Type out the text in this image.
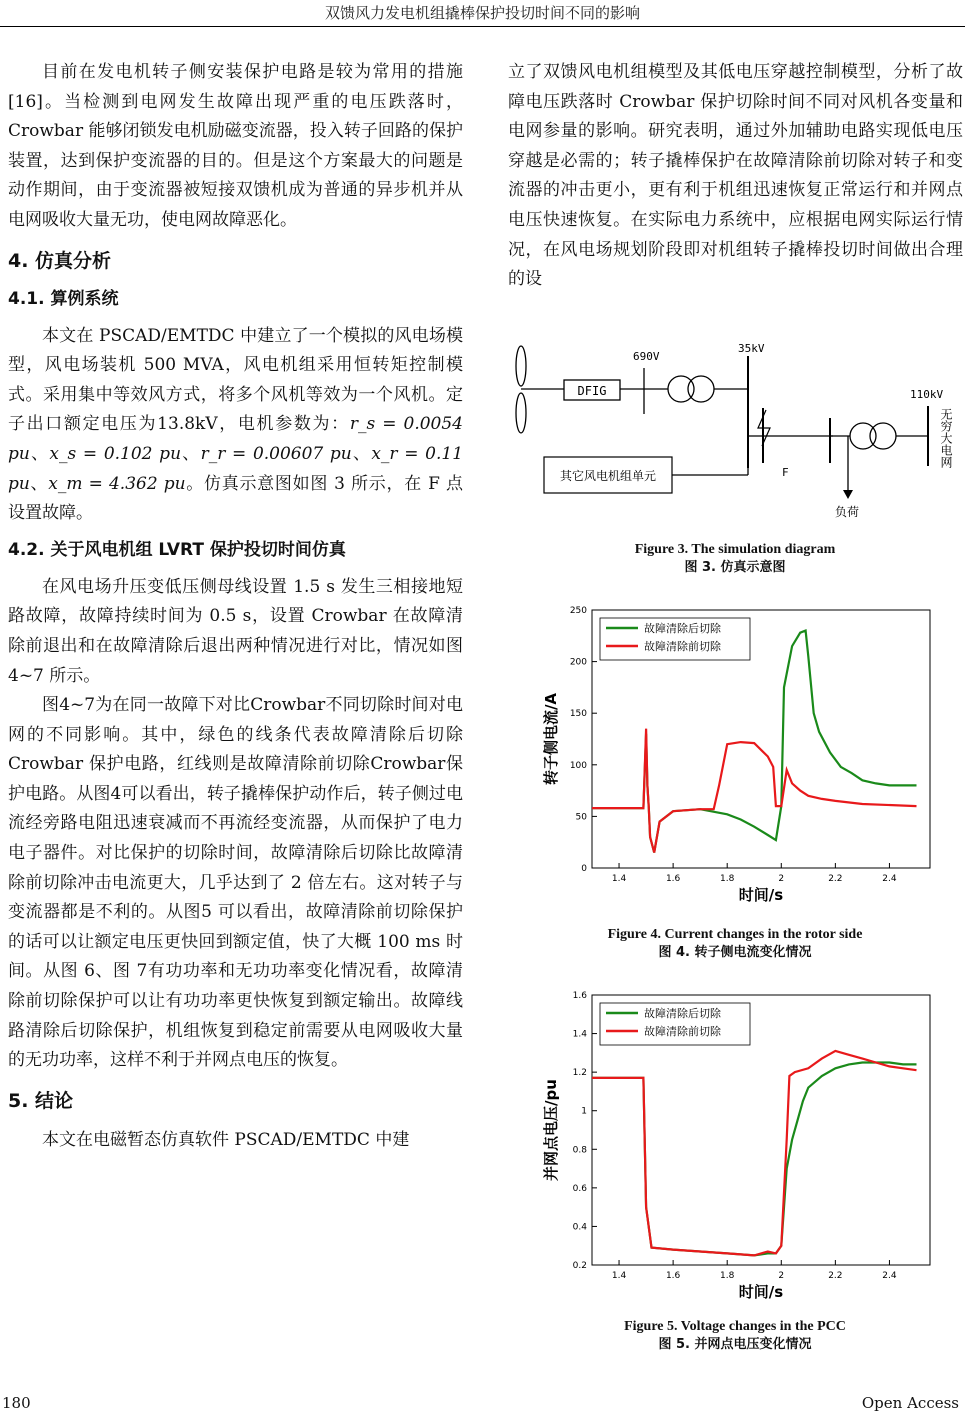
双馈风力发电机组撬棒保护投切时间不同的影响

目前在发电机转子侧安装保护电路是较为常用的措施[16]。当检测到电网发生故障出现严重的电压跌落时，Crowbar 能够闭锁发电机励磁变流器，投入转子回路的保护装置，达到保护变流器的目的。但是这个方案最大的问题是动作期间，由于变流器被短接双馈机成为普通的异步机并从电网吸收大量无功，使电网故障恶化。

4. 仿真分析
4.1. 算例系统

本文在 PSCAD/EMTDC 中建立了一个模拟的风电场模型，风电场装机 500 MVA，风电机组采用恒转矩控制模式。采用集中等效风方式，将多个风机等效为一个风机。定子出口额定电压为13.8kV，电机参数为：r_s = 0.0054 pu、x_s = 0.102 pu、r_r = 0.00607 pu、x_r = 0.11 pu、x_m = 4.362 pu。仿真示意图如图 3 所示，在 F 点设置故障。

4.2. 关于风电机组 LVRT 保护投切时间仿真

在风电场升压变低压侧母线设置 1.5 s 发生三相接地短路故障，故障持续时间为 0.5 s，设置 Crowbar 在故障清除前退出和在故障清除后退出两种情况进行对比，情况如图 4~7 所示。

图4~7为在同一故障下对比Crowbar不同切除时间对电网的不同影响。其中，绿色的线条代表故障清除后切除 Crowbar 保护电路，红线则是故障清除前切除Crowbar保护电路。从图4可以看出，转子撬棒保护动作后，转子侧过电流经旁路电阻迅速衰减而不再流经变流器，从而保护了电力电子器件。对比保护的切除时间，故障清除后切除比故障清除前切除冲击电流更大，几乎达到了 2 倍左右。这对转子与变流器都是不利的。从图5 可以看出，故障清除前切除保护的话可以让额定电压更快回到额定值，快了大概 100 ms 时间。从图 6、图 7有功功率和无功功率变化情况看，故障清除前切除保护可以让有功功率更快恢复到额定输出。故障线路清除后切除保护，机组恢复到稳定前需要从电网吸收大量的无功功率，这样不利于并网点电压的恢复。

5. 结论

本文在电磁暂态仿真软件 PSCAD/EMTDC 中建

立了双馈风电机组模型及其低电压穿越控制模型，分析了故障电压跌落时 Crowbar 保护切除时间不同对风机各变量和电网参量的影响。研究表明，通过外加辅助电路实现低电压穿越是必需的；转子撬棒保护在故障清除前切除对转子和变流器的冲击更小，更有利于机组迅速恢复正常运行和并网点电压快速恢复。在实际电力系统中，应根据电网实际运行情况，在风电场规划阶段即对机组转子撬棒投切时间做出合理的设

DFIG
690V
35kV
F
负荷
110kV
无穷大电网
其它风电机组单元
Figure 3. The simulation diagram
图 3. 仿真示意图
0
50
100
150
200
250
1.4	1.6	1.8	2	2.2	2.4
时间/s
转子侧电流/A
故障清除后切除
故障清除前切除
Figure 4. Current changes in the rotor side
图 4. 转子侧电流变化情况
0.2
0.4
0.6
0.8
1
1.2
1.4
1.6
1.4	1.6	1.8	2	2.2	2.4
时间/s
并网点电压/pu
故障清除后切除
故障清除前切除
Figure 5. Voltage changes in the PCC
图 5. 并网点电压变化情况
180	Open Access
